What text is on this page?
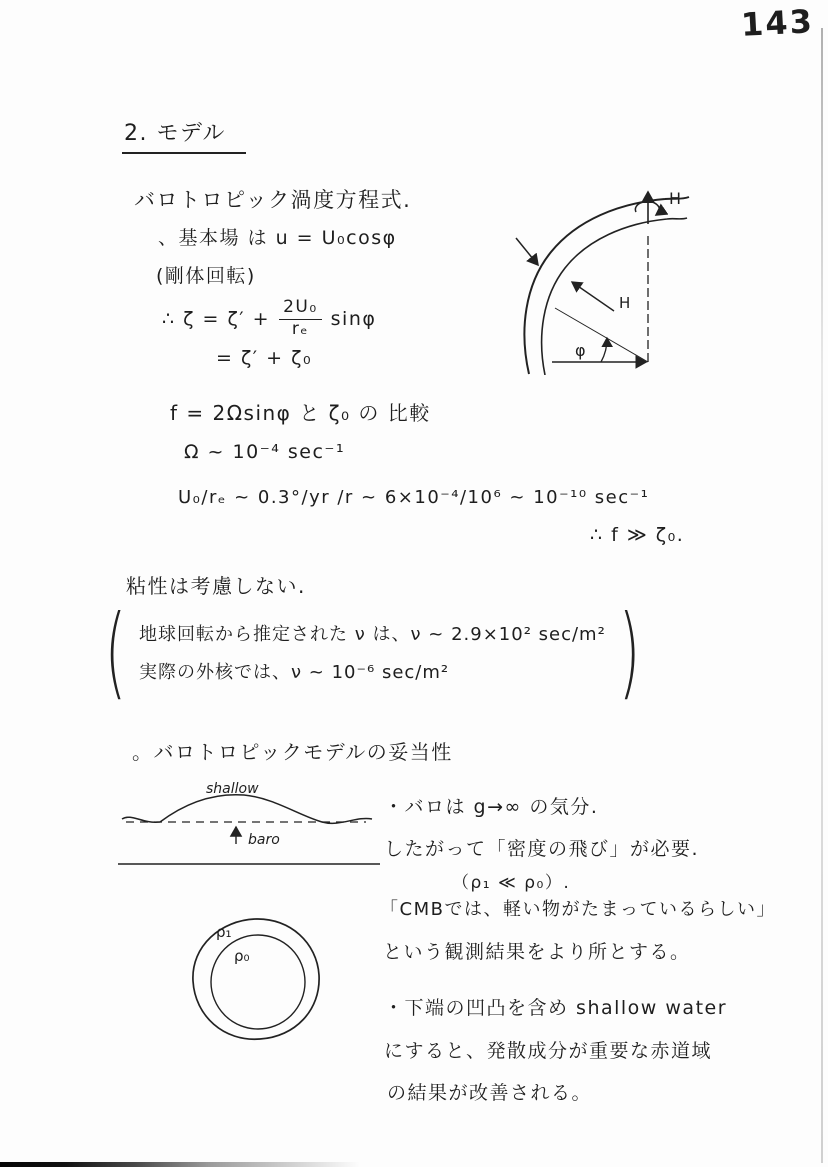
143
2. モデル
バロトロピック渦度方程式.
、基本場 は u = U₀cosφ
(剛体回転)
∴ $\zeta = \zeta' + \frac{\text{2U₀}}{\text{rₑ}}$ sinφ
= ζ′ + ζ₀
H
H
φ
f = 2Ωsinφ と ζ₀ の 比較
Ω ~ 10⁻⁴ sec⁻¹
U₀/rₑ ~ 0.3°/yr /r ~ 6×10⁻⁴/10⁶ ~ 10⁻¹⁰ sec⁻¹
∴ f ≫ ζ₀.
粘性は考慮しない.
( 地球回転から推定された ν は、ν ~ 2.9×10² sec/m²
実際の外核では、ν ~ 10⁻⁶ sec/m²	)
。バロトロピックモデルの妥当性
shallow
baro
・バロは g→∞ の気分.
したがって「密度の飛び」が必要.
（ρ₁ ≪ ρ₀）.
「CMBでは、軽い物がたまっているらしい」
という観測結果をより所とする。
ρ₁
ρ₀
・下端の凹凸を含め shallow water
にすると、発散成分が重要な赤道域
の結果が改善される。
